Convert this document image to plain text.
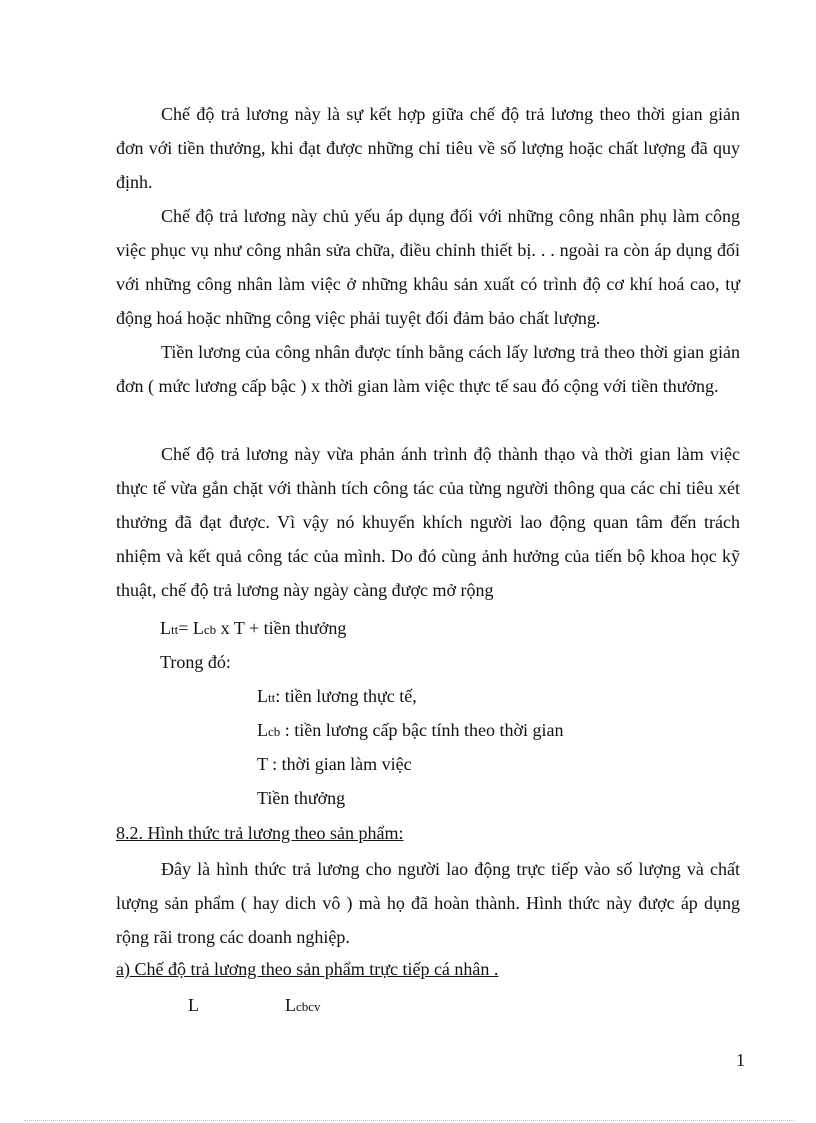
Chế độ trả lương này là sự kết hợp giữa chế độ trả lương theo thời gian giản đơn với tiền thưởng, khi đạt được những chỉ tiêu về số lượng hoặc chất lượng đã quy định.

Chế độ trả lương này chủ yếu áp dụng đối với những công nhân phụ làm công việc phục vụ như công nhân sửa chữa, điều chỉnh thiết bị. . . ngoài ra còn áp dụng đối với những công nhân làm việc ở những khâu sản xuất có trình độ cơ khí hoá cao, tự động hoá hoặc những công việc phải tuyệt đối đảm bảo chất lượng.

Tiền lương của công nhân được tính bằng cách lấy lương trả theo thời gian giản đơn ( mức lương cấp bậc ) x thời gian làm việc thực tế sau đó cộng với tiền thưởng.

Chế độ trả lương này vừa phản ánh trình độ thành thạo và thời gian làm việc thực tế vừa gắn chặt với thành tích công tác của từng người thông qua các chỉ tiêu xét thưởng đã đạt được. Vì vậy nó khuyến khích người lao động quan tâm đến trách nhiệm và kết quả công tác của mình. Do đó cùng ảnh hưởng của tiến bộ khoa học kỹ thuật, chế độ trả lương này ngày càng được mở rộng

Ltt= Lcb x T + tiền thưởng
Trong đó:
Ltt: tiền lương thực tế,
Lcb : tiền lương cấp bậc tính theo thời gian
T : thời gian làm việc
Tiền thưởng
8.2. Hình thức trả lương theo sản phẩm:

Đây là hình thức trả lương cho người lao động trực tiếp vào số lượng và chất lượng sản phẩm ( hay dich vô ) mà họ đã hoàn thành. Hình thức này được áp dụng rộng rãi trong các doanh nghiệp.

a) Chế độ trả lương theo sản phẩm trực tiếp cá nhân .
L	Lcbcv
1
